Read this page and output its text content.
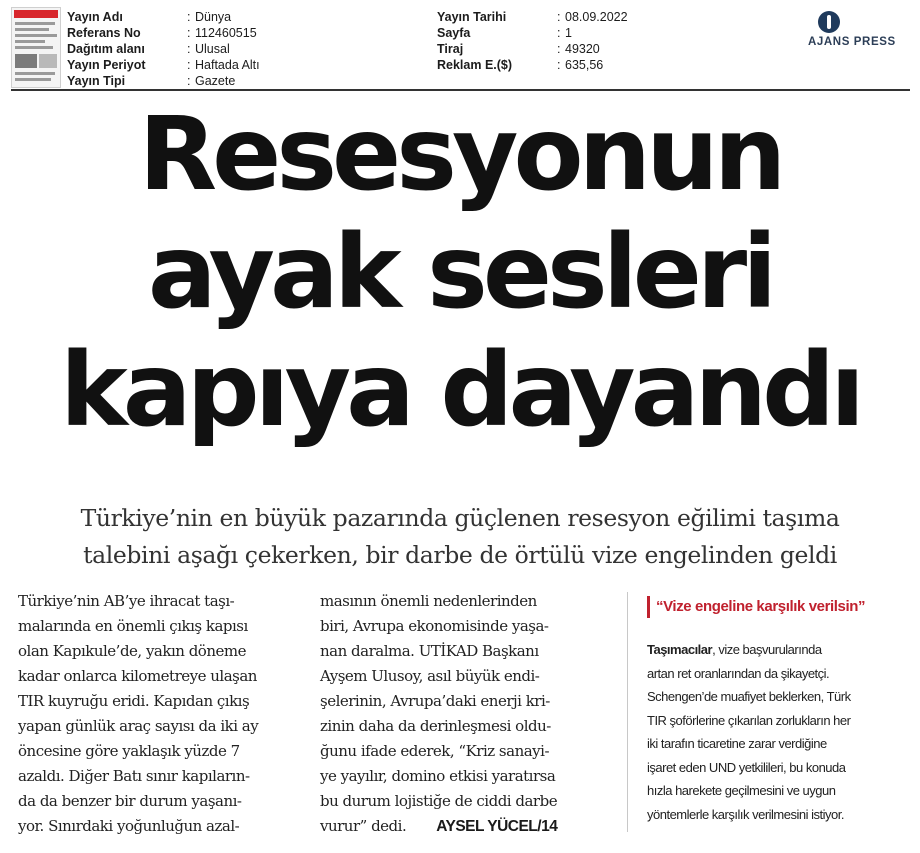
Yayın Adı	: Dünya
Referans No	: 112460515
Dağıtım alanı	: Ulusal
Yayın Periyot	: Haftada Altı
Yayın Tipi	: Gazete
Yayın Tarihi	: 08.09.2022
Sayfa	: 1
Tiraj	: 49320
Reklam E.($)	: 635,56
AJANS PRESS
Resesyonun
ayak sesleri
kapıya dayandı
Türkiye’nin en büyük pazarında güçlenen resesyon eğilimi taşıma
talebini aşağı çekerken, bir darbe de örtülü vize engelinden geldi
Türkiye’nin AB’ye ihracat taşı-
malarında en önemli çıkış kapısı
olan Kapıkule’de, yakın döneme
kadar onlarca kilometreye ulaşan
TIR kuyruğu eridi. Kapıdan çıkış
yapan günlük araç sayısı da iki ay
öncesine göre yaklaşık yüzde 7
azaldı. Diğer Batı sınır kapıların-
da da benzer bir durum yaşanı-
yor. Sınırdaki yoğunluğun azal-
masının önemli nedenlerinden
biri, Avrupa ekonomisinde yaşa-
nan daralma. UTİKAD Başkanı
Ayşem Ulusoy, asıl büyük endi-
şelerinin, Avrupa’daki enerji kri-
zinin daha da derinleşmesi oldu-
ğunu ifade ederek, “Kriz sanayi-
ye yayılır, domino etkisi yaratırsa
bu durum lojistiğe de ciddi darbe
vurur” dedi. AYSEL YÜCEL/14
“Vize engeline karşılık verilsin”
Taşımacılar, vize başvurularında
artan ret oranlarından da şikayetçi.
Schengen’de muafiyet beklerken, Türk
TIR şoförlerine çıkarılan zorlukların her
iki tarafın ticaretine zarar verdiğine
işaret eden UND yetkilileri, bu konuda
hızla harekete geçilmesini ve uygun
yöntemlerle karşılık verilmesini istiyor.
